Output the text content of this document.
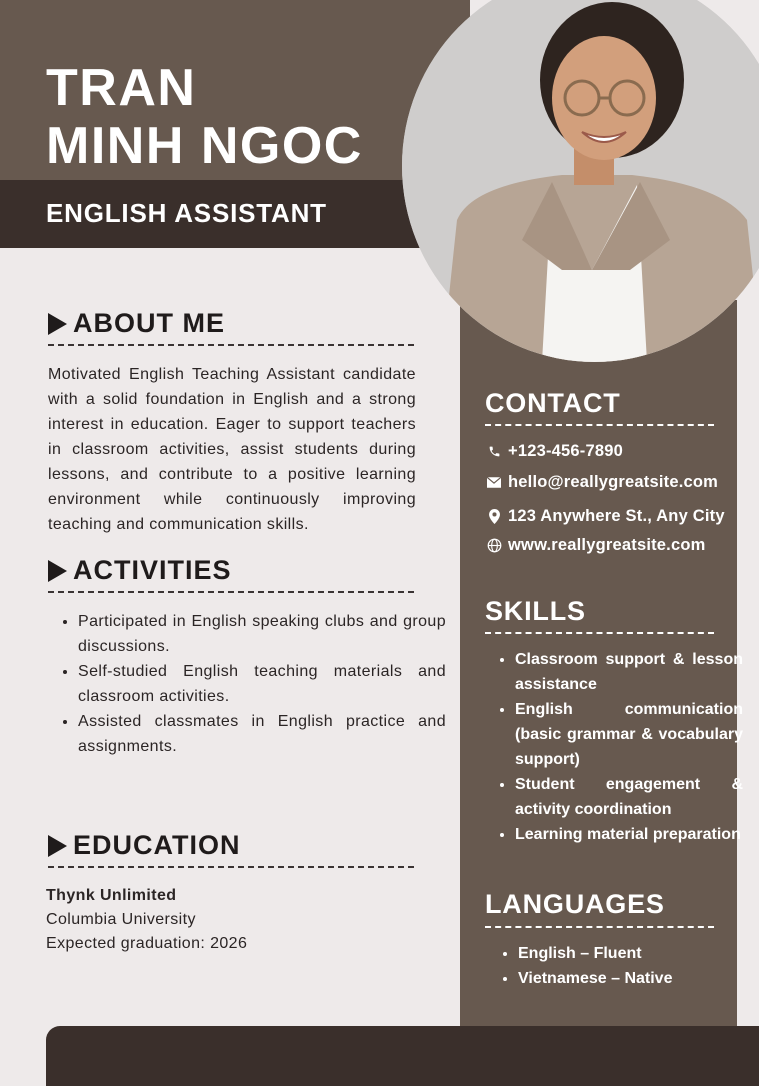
TRAN
MINH NGOC
ENGLISH ASSISTANT
ABOUT ME
Motivated English Teaching Assistant candidate with a solid foundation in English and a strong interest in education. Eager to support teachers in classroom activities, assist students during lessons, and contribute to a positive learning environment while continuously improving teaching and communication skills.
ACTIVITIES
• Participated in English speaking clubs and group discussions.
• Self-studied English teaching materials and classroom activities.
• Assisted classmates in English practice and assignments.
EDUCATION
Thynk Unlimited
Columbia University
Expected graduation: 2026
CONTACT
+123-456-7890
hello@reallygreatsite.com
123 Anywhere St., Any City
www.reallygreatsite.com
SKILLS
• Classroom support & lesson assistance
• English communication (basic grammar & vocabulary support)
• Student engagement & activity coordination
• Learning material preparation
LANGUAGES
• English – Fluent
• Vietnamese – Native
